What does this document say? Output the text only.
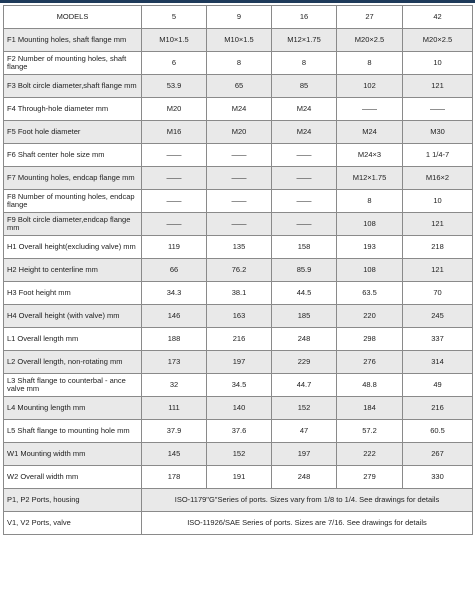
MODELS	5	9	16	27	42
F1 Mounting holes, shaft flange mm	M10×1.5	M10×1.5	M12×1.75	M20×2.5	M20×2.5
F2 Number of mounting holes, shaft flange	6	8	8	8	10
F3 Bolt circle diameter,shaft flange mm	53.9	65	85	102	121
F4 Through-hole diameter mm	M20	M24	M24	——	——
F5 Foot hole diameter	M16	M20	M24	M24	M30
F6 Shaft center hole size mm	——	——	——	M24×3	1 1/4-7
F7 Mounting holes, endcap flange mm	——	——	——	M12×1.75	M16×2
F8 Number of mounting holes, endcap flange	——	——	——	8	10
F9 Bolt circle diameter,endcap flange mm	——	——	——	108	121
H1 Overall height(excluding valve) mm	119	135	158	193	218
H2 Height to centerline mm	66	76.2	85.9	108	121
H3 Foot height mm	34.3	38.1	44.5	63.5	70
H4 Overall height (with valve) mm	146	163	185	220	245
L1 Overall length mm	188	216	248	298	337
L2 Overall length, non-rotating mm	173	197	229	276	314
L3 Shaft flange to counterbal - ance valve mm	32	34.5	44.7	48.8	49
L4 Mounting length mm	111	140	152	184	216
L5 Shaft flange to mounting hole mm	37.9	37.6	47	57.2	60.5
W1 Mounting width mm	145	152	197	222	267
W2 Overall width mm	178	191	248	279	330
P1, P2 Ports, housing	ISO-1179"G"Series of ports. Sizes vary from 1/8 to 1/4. See drawings for details				
V1, V2 Ports, valve	ISO-11926/SAE Series of ports. Sizes are 7/16. See drawings for details				
